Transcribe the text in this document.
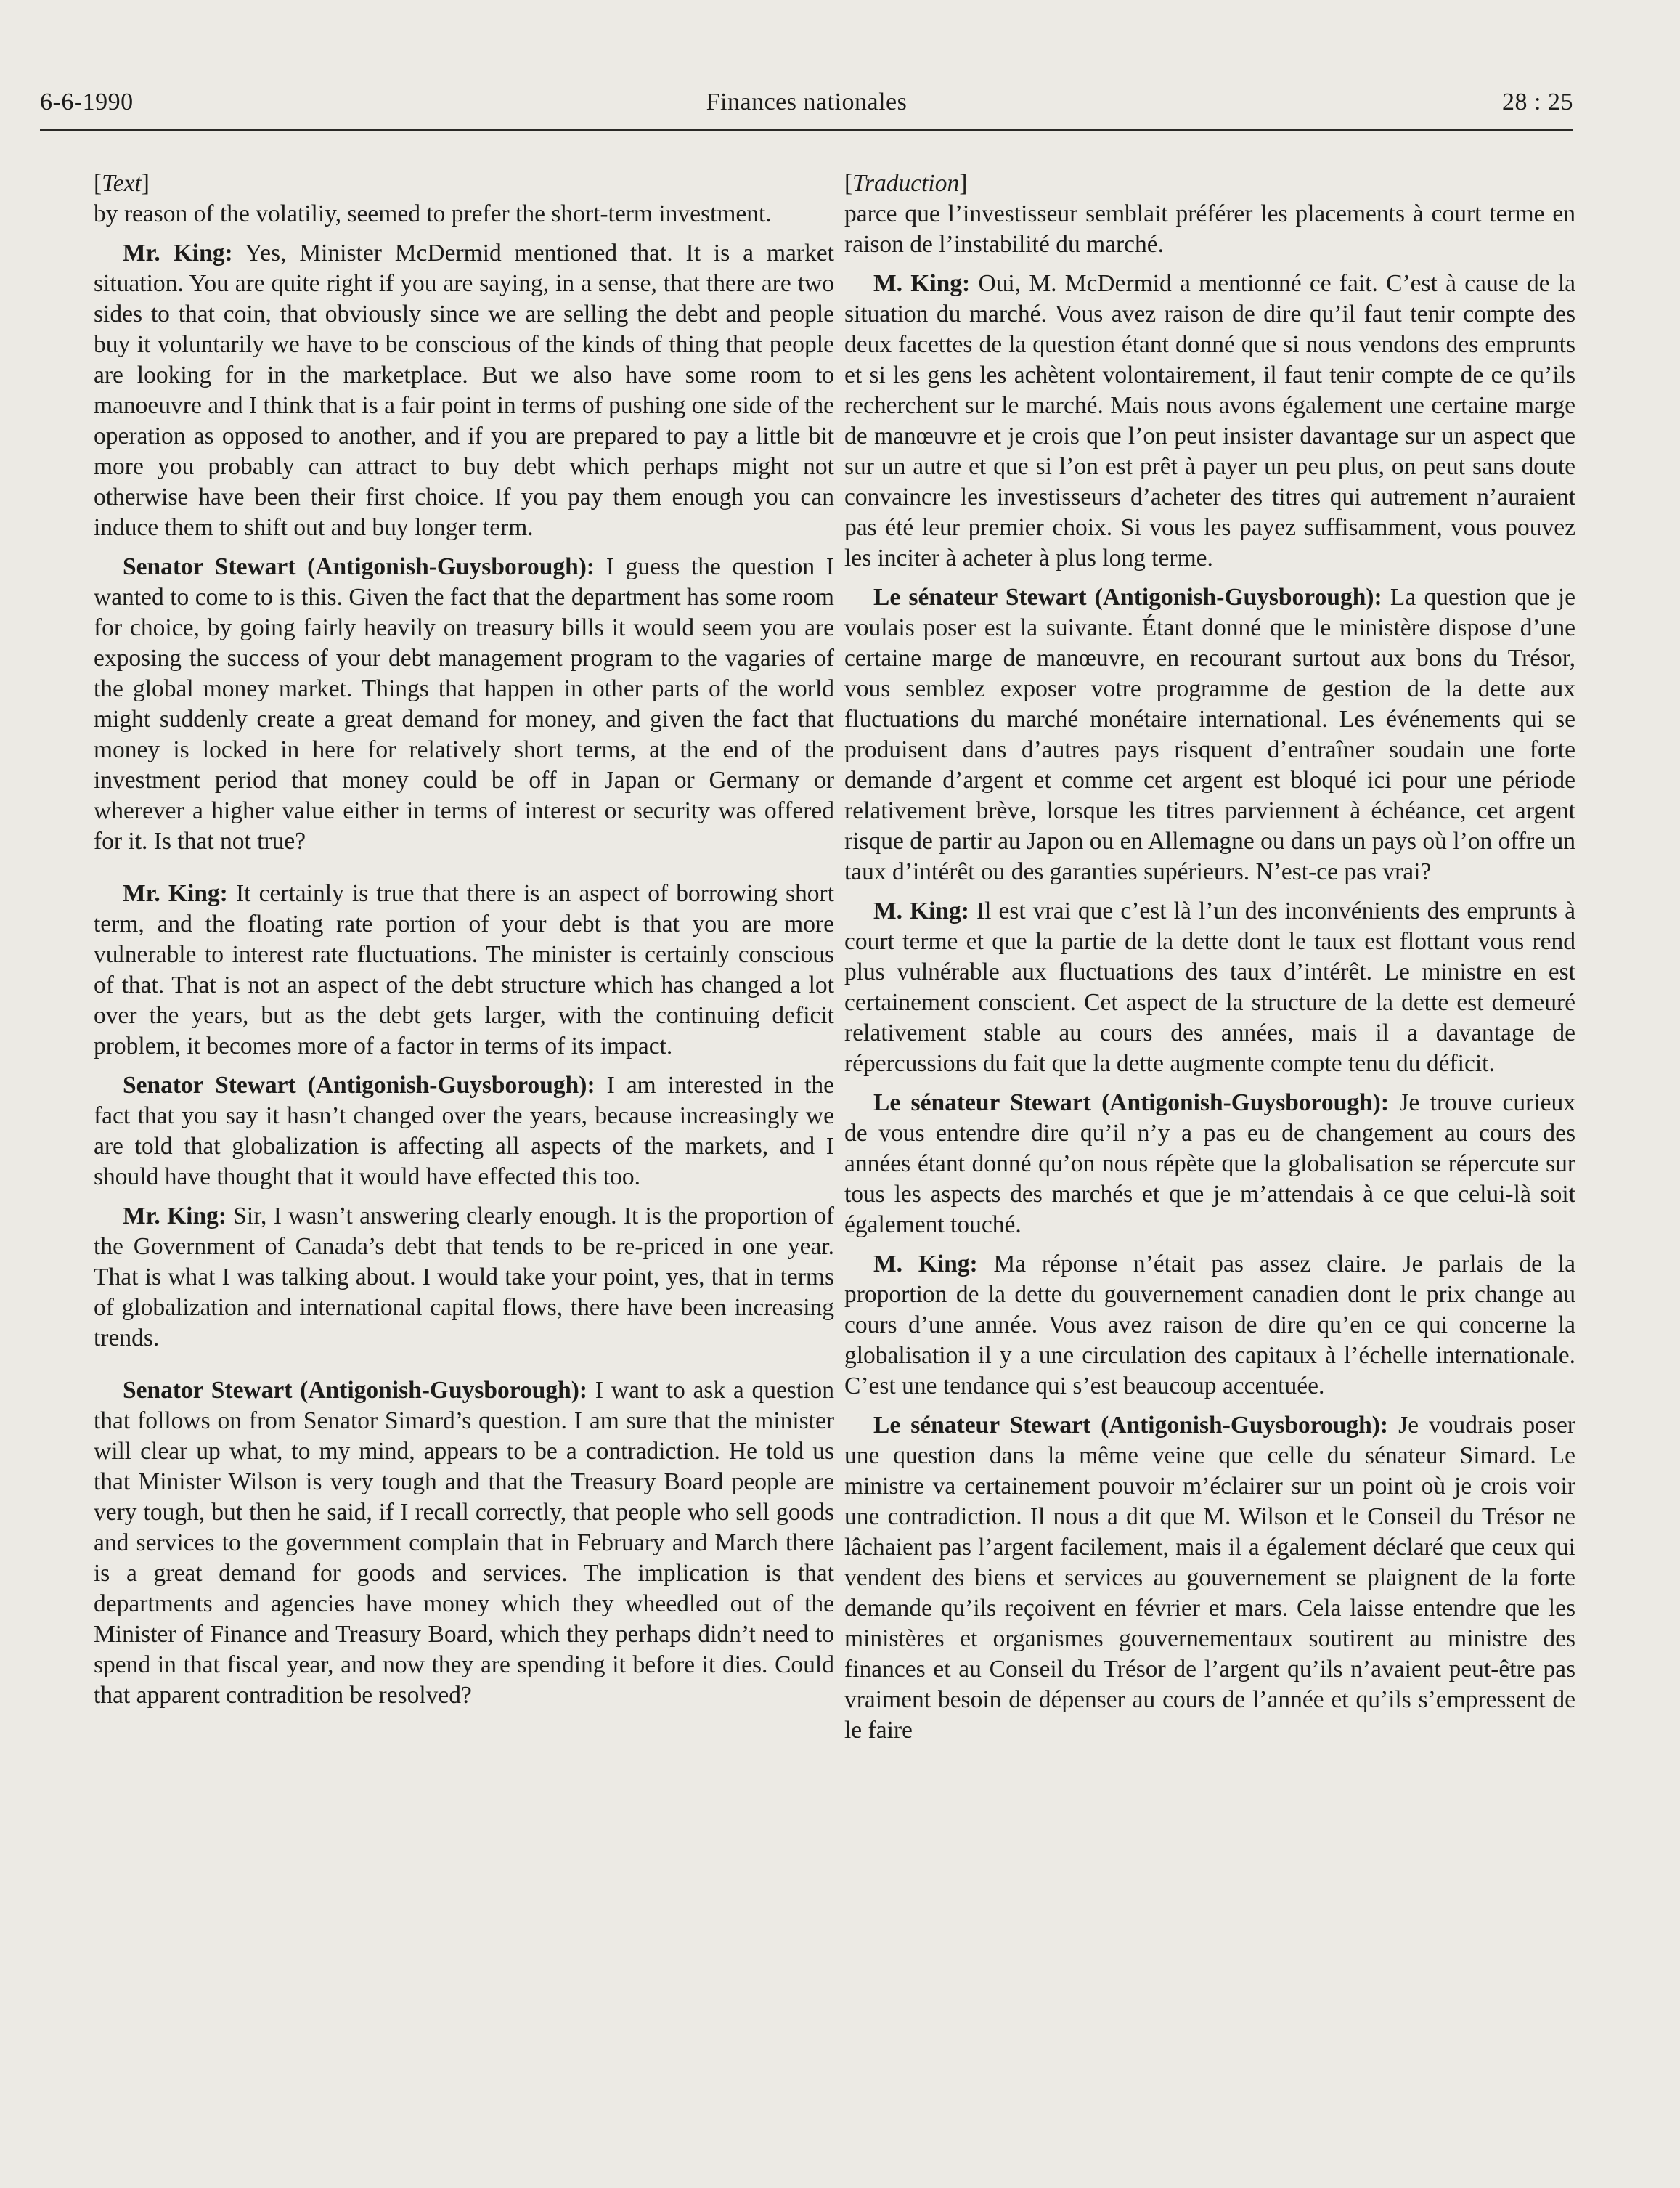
6-6-1990	Finances nationales	28 : 25

[Text]

by reason of the volatiliy, seemed to prefer the short-term investment.

Mr. King: Yes, Minister McDermid mentioned that. It is a market situation. You are quite right if you are saying, in a sense, that there are two sides to that coin, that obviously since we are selling the debt and people buy it voluntarily we have to be conscious of the kinds of thing that people are looking for in the marketplace. But we also have some room to manoeuvre and I think that is a fair point in terms of pushing one side of the operation as opposed to another, and if you are prepared to pay a little bit more you probably can attract to buy debt which perhaps might not otherwise have been their first choice. If you pay them enough you can induce them to shift out and buy longer term.

Senator Stewart (Antigonish-Guysborough): I guess the question I wanted to come to is this. Given the fact that the department has some room for choice, by going fairly heavily on treasury bills it would seem you are exposing the success of your debt management program to the vagaries of the global money market. Things that happen in other parts of the world might suddenly create a great demand for money, and given the fact that money is locked in here for relatively short terms, at the end of the investment period that money could be off in Japan or Germany or wherever a higher value either in terms of interest or security was offered for it. Is that not true?

Mr. King: It certainly is true that there is an aspect of borrowing short term, and the floating rate portion of your debt is that you are more vulnerable to interest rate fluctuations. The minister is certainly conscious of that. That is not an aspect of the debt structure which has changed a lot over the years, but as the debt gets larger, with the continuing deficit problem, it becomes more of a factor in terms of its impact.

Senator Stewart (Antigonish-Guysborough): I am interested in the fact that you say it hasn’t changed over the years, because increasingly we are told that globalization is affecting all aspects of the markets, and I should have thought that it would have effected this too.

Mr. King: Sir, I wasn’t answering clearly enough. It is the proportion of the Government of Canada’s debt that tends to be re-priced in one year. That is what I was talking about. I would take your point, yes, that in terms of globalization and international capital flows, there have been increasing trends.

Senator Stewart (Antigonish-Guysborough): I want to ask a question that follows on from Senator Simard’s question. I am sure that the minister will clear up what, to my mind, appears to be a contradiction. He told us that Minister Wilson is very tough and that the Treasury Board people are very tough, but then he said, if I recall correctly, that people who sell goods and services to the government complain that in February and March there is a great demand for goods and services. The implication is that departments and agencies have money which they wheedled out of the Minister of Finance and Treasury Board, which they perhaps didn’t need to spend in that fiscal year, and now they are spending it before it dies. Could that apparent contradition be resolved?

[Traduction]

parce que l’investisseur semblait préférer les placements à court terme en raison de l’instabilité du marché.

M. King: Oui, M. McDermid a mentionné ce fait. C’est à cause de la situation du marché. Vous avez raison de dire qu’il faut tenir compte des deux facettes de la question étant donné que si nous vendons des emprunts et si les gens les achètent volontairement, il faut tenir compte de ce qu’ils recherchent sur le marché. Mais nous avons également une certaine marge de manœuvre et je crois que l’on peut insister davantage sur un aspect que sur un autre et que si l’on est prêt à payer un peu plus, on peut sans doute convaincre les investisseurs d’acheter des titres qui autrement n’auraient pas été leur premier choix. Si vous les payez suffisamment, vous pouvez les inciter à acheter à plus long terme.

Le sénateur Stewart (Antigonish-Guysborough): La question que je voulais poser est la suivante. Étant donné que le ministère dispose d’une certaine marge de manœuvre, en recourant surtout aux bons du Trésor, vous semblez exposer votre programme de gestion de la dette aux fluctuations du marché monétaire international. Les événements qui se produisent dans d’autres pays risquent d’entraîner soudain une forte demande d’argent et comme cet argent est bloqué ici pour une période relativement brève, lorsque les titres parviennent à échéance, cet argent risque de partir au Japon ou en Allemagne ou dans un pays où l’on offre un taux d’intérêt ou des garanties supérieurs. N’est-ce pas vrai?

M. King: Il est vrai que c’est là l’un des inconvénients des emprunts à court terme et que la partie de la dette dont le taux est flottant vous rend plus vulnérable aux fluctuations des taux d’intérêt. Le ministre en est certainement conscient. Cet aspect de la structure de la dette est demeuré relativement stable au cours des années, mais il a davantage de répercussions du fait que la dette augmente compte tenu du déficit.

Le sénateur Stewart (Antigonish-Guysborough): Je trouve curieux de vous entendre dire qu’il n’y a pas eu de changement au cours des années étant donné qu’on nous répète que la globalisation se répercute sur tous les aspects des marchés et que je m’attendais à ce que celui-là soit également touché.

M. King: Ma réponse n’était pas assez claire. Je parlais de la proportion de la dette du gouvernement canadien dont le prix change au cours d’une année. Vous avez raison de dire qu’en ce qui concerne la globalisation il y a une circulation des capitaux à l’échelle internationale. C’est une tendance qui s’est beaucoup accentuée.

Le sénateur Stewart (Antigonish-Guysborough): Je voudrais poser une question dans la même veine que celle du sénateur Simard. Le ministre va certainement pouvoir m’éclairer sur un point où je crois voir une contradiction. Il nous a dit que M. Wilson et le Conseil du Trésor ne lâchaient pas l’argent facilement, mais il a également déclaré que ceux qui vendent des biens et services au gouvernement se plaignent de la forte demande qu’ils reçoivent en février et mars. Cela laisse entendre que les ministères et organismes gouvernementaux soutirent au ministre des finances et au Conseil du Trésor de l’argent qu’ils n’avaient peut-être pas vraiment besoin de dépenser au cours de l’année et qu’ils s’empressent de le faire
